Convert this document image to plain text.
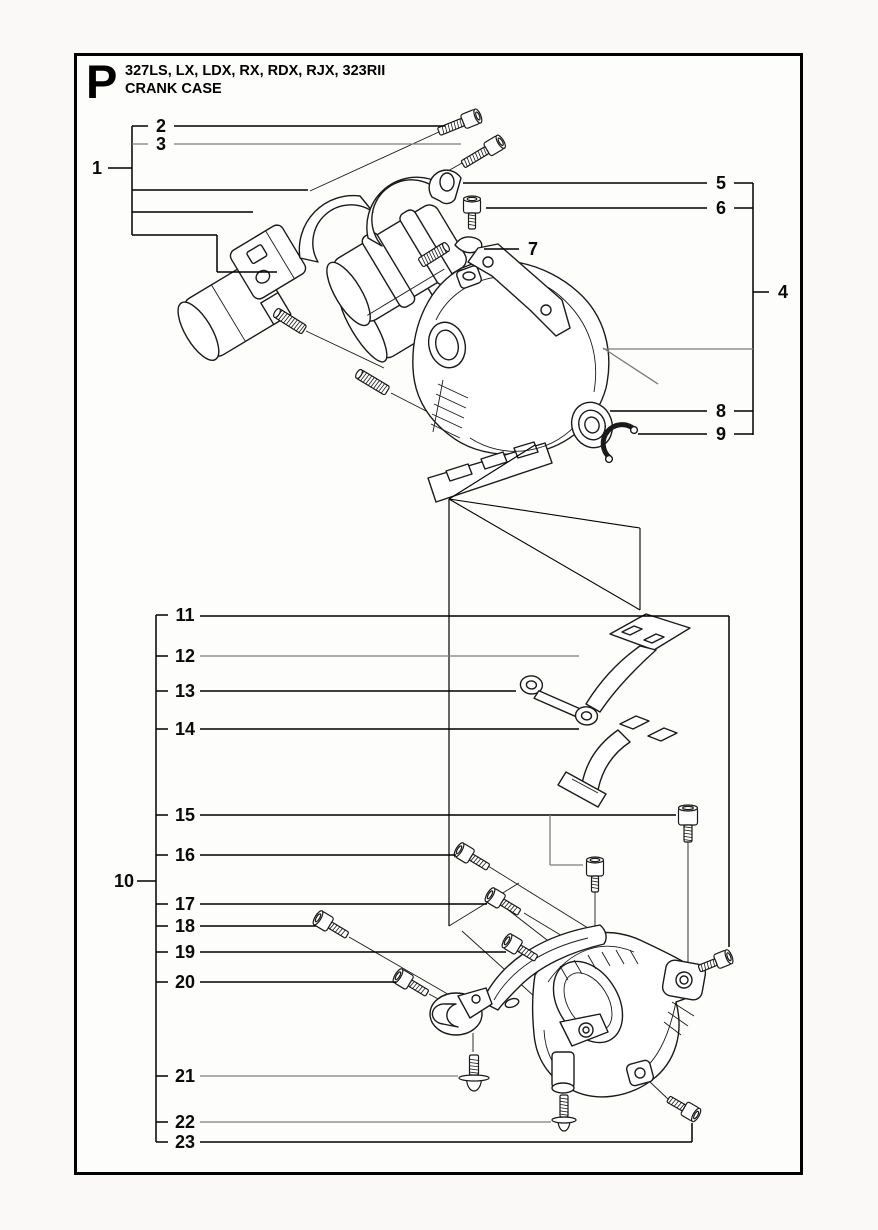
P 327LS, LX, LDX, RX, RDX, RJX, 323RII
CRANK CASE
1
2
3
4
5
6
7
8
9
10
11
12
13
14
15
16
17
18
19
20
21
22
23
